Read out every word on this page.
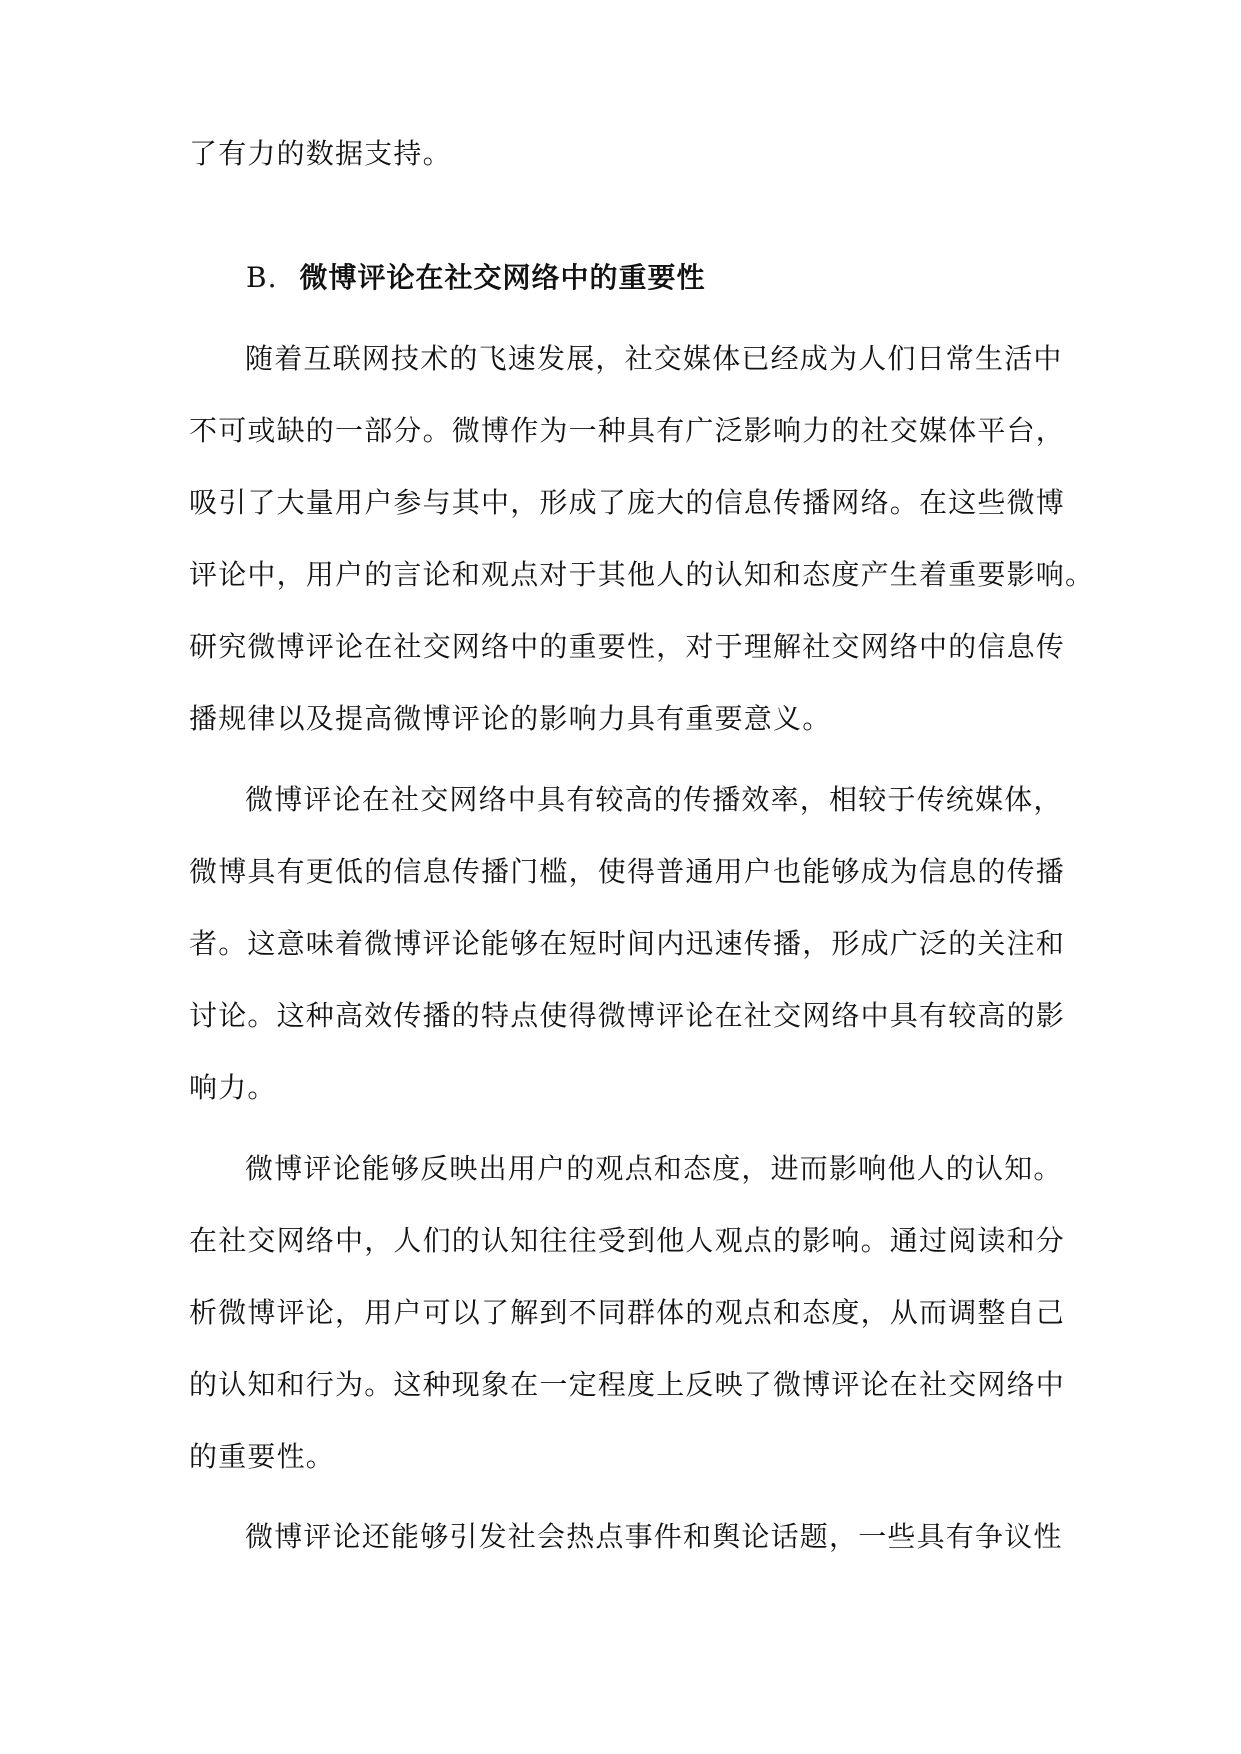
了有力的数据支持。
B. 微博评论在社交网络中的重要性
随着互联网技术的飞速发展，社交媒体已经成为人们日常生活中
不可或缺的一部分。微博作为一种具有广泛影响力的社交媒体平台，
吸引了大量用户参与其中，形成了庞大的信息传播网络。在这些微博
评论中，用户的言论和观点对于其他人的认知和态度产生着重要影响。
研究微博评论在社交网络中的重要性，对于理解社交网络中的信息传
播规律以及提高微博评论的影响力具有重要意义。
微博评论在社交网络中具有较高的传播效率，相较于传统媒体，
微博具有更低的信息传播门槛，使得普通用户也能够成为信息的传播
者。这意味着微博评论能够在短时间内迅速传播，形成广泛的关注和
讨论。这种高效传播的特点使得微博评论在社交网络中具有较高的影
响力。
微博评论能够反映出用户的观点和态度，进而影响他人的认知。
在社交网络中，人们的认知往往受到他人观点的影响。通过阅读和分
析微博评论，用户可以了解到不同群体的观点和态度，从而调整自己
的认知和行为。这种现象在一定程度上反映了微博评论在社交网络中
的重要性。
微博评论还能够引发社会热点事件和舆论话题，一些具有争议性
